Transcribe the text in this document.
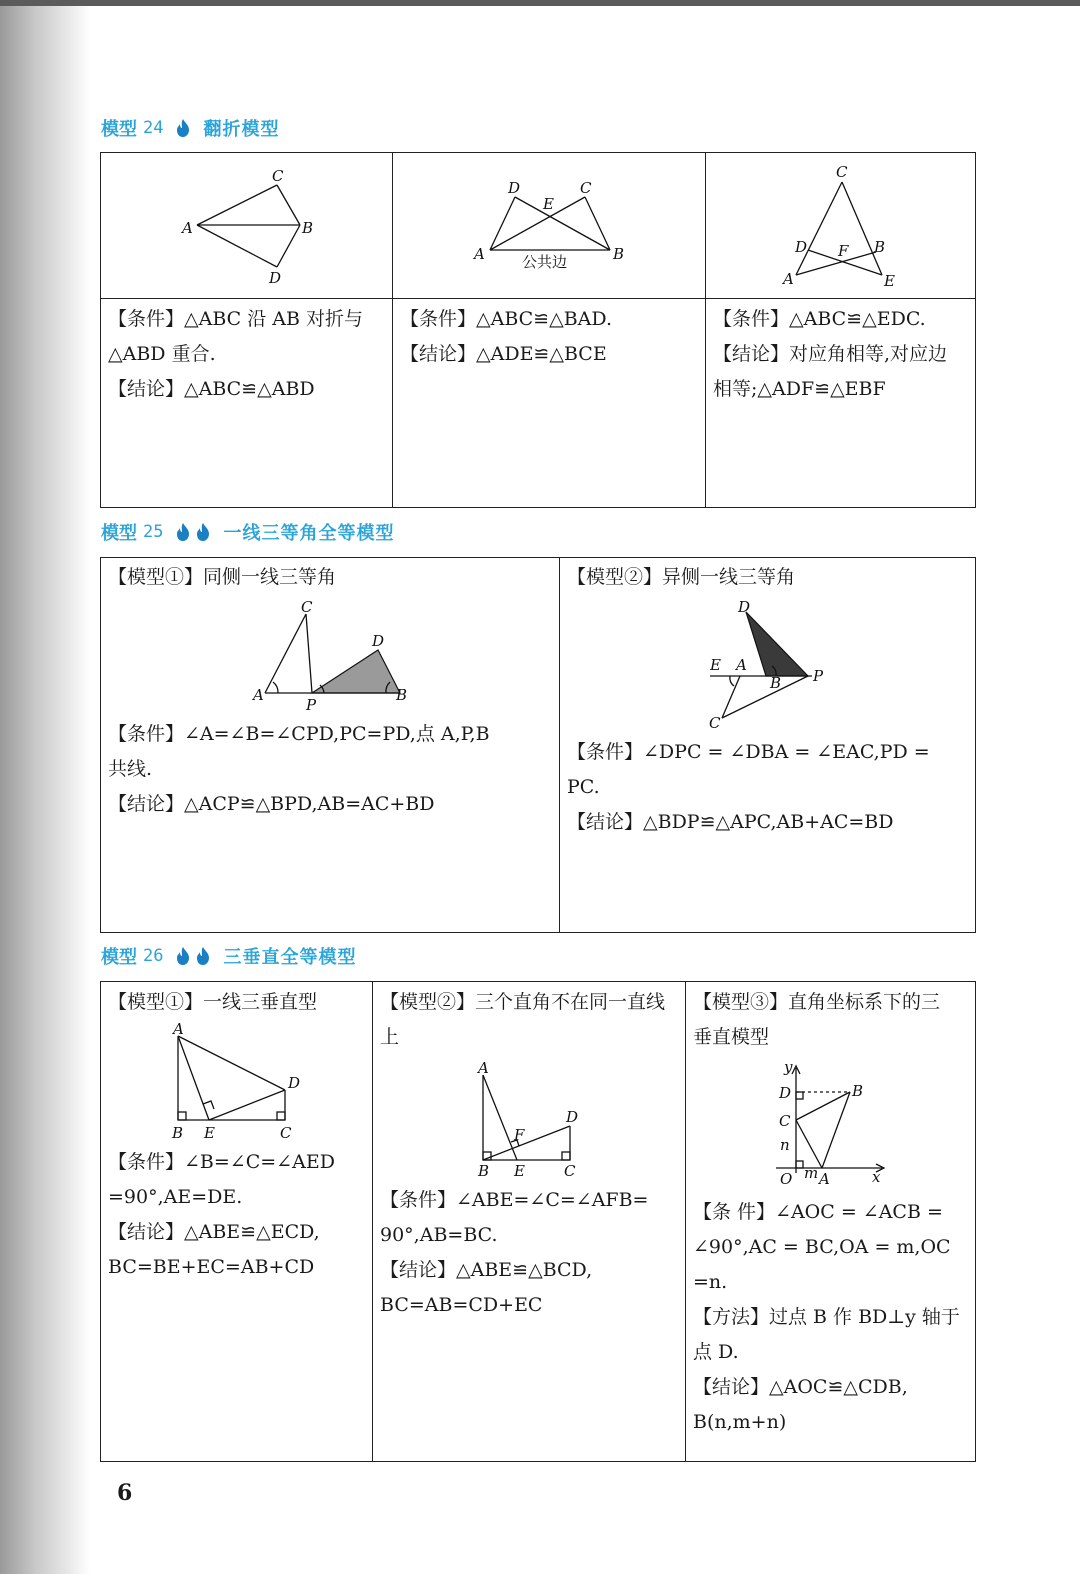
模型 24 翻折模型
C
A	B
D
D	C
E
A	B
公共边
C
D	B
F
A	E

【条件】△ABC 沿 AB 对折与

△ABD 重合.

【结论】△ABC≌△ABD

【条件】△ABC≌△BAD.

【结论】△ADE≌△BCE

【条件】△ABC≌△EDC.

【结论】对应角相等,对应边

相等;△ADF≌△EBF

模型 25	一线三等角全等模型

【模型①】同侧一线三等角

C
D
A	B
P

【条件】∠A=∠B=∠CPD,PC=PD,点 A,P,B

共线.

【结论】△ACP≌△BPD,AB=AC+BD

【模型②】异侧一线三等角

D
E A
B P
C

【条件】∠DPC = ∠DBA = ∠EAC,PD =

PC.

【结论】△BDP≌△APC,AB+AC=BD

模型 26	三垂直全等模型

【模型①】一线三垂直型

A
D
B E	C

【条件】∠B=∠C=∠AED

=90°,AE=DE.

【结论】△ABE≌△ECD,

BC=BE+EC=AB+CD

【模型②】三个直角不在同一直线

上

A
D
F
B E	C

【条件】∠ABE=∠C=∠AFB=

90°,AB=BC.

【结论】△ABE≌△BCD,

BC=AB=CD+EC

【模型③】直角坐标系下的三

垂直模型

y
D	B
C
n
O m A	x

【条 件】∠AOC = ∠ACB =

∠90°,AC = BC,OA = m,OC

=n.

【方法】过点 B 作 BD⊥y 轴于

点 D.

【结论】△AOC≌△CDB,

B(n,m+n)

6
